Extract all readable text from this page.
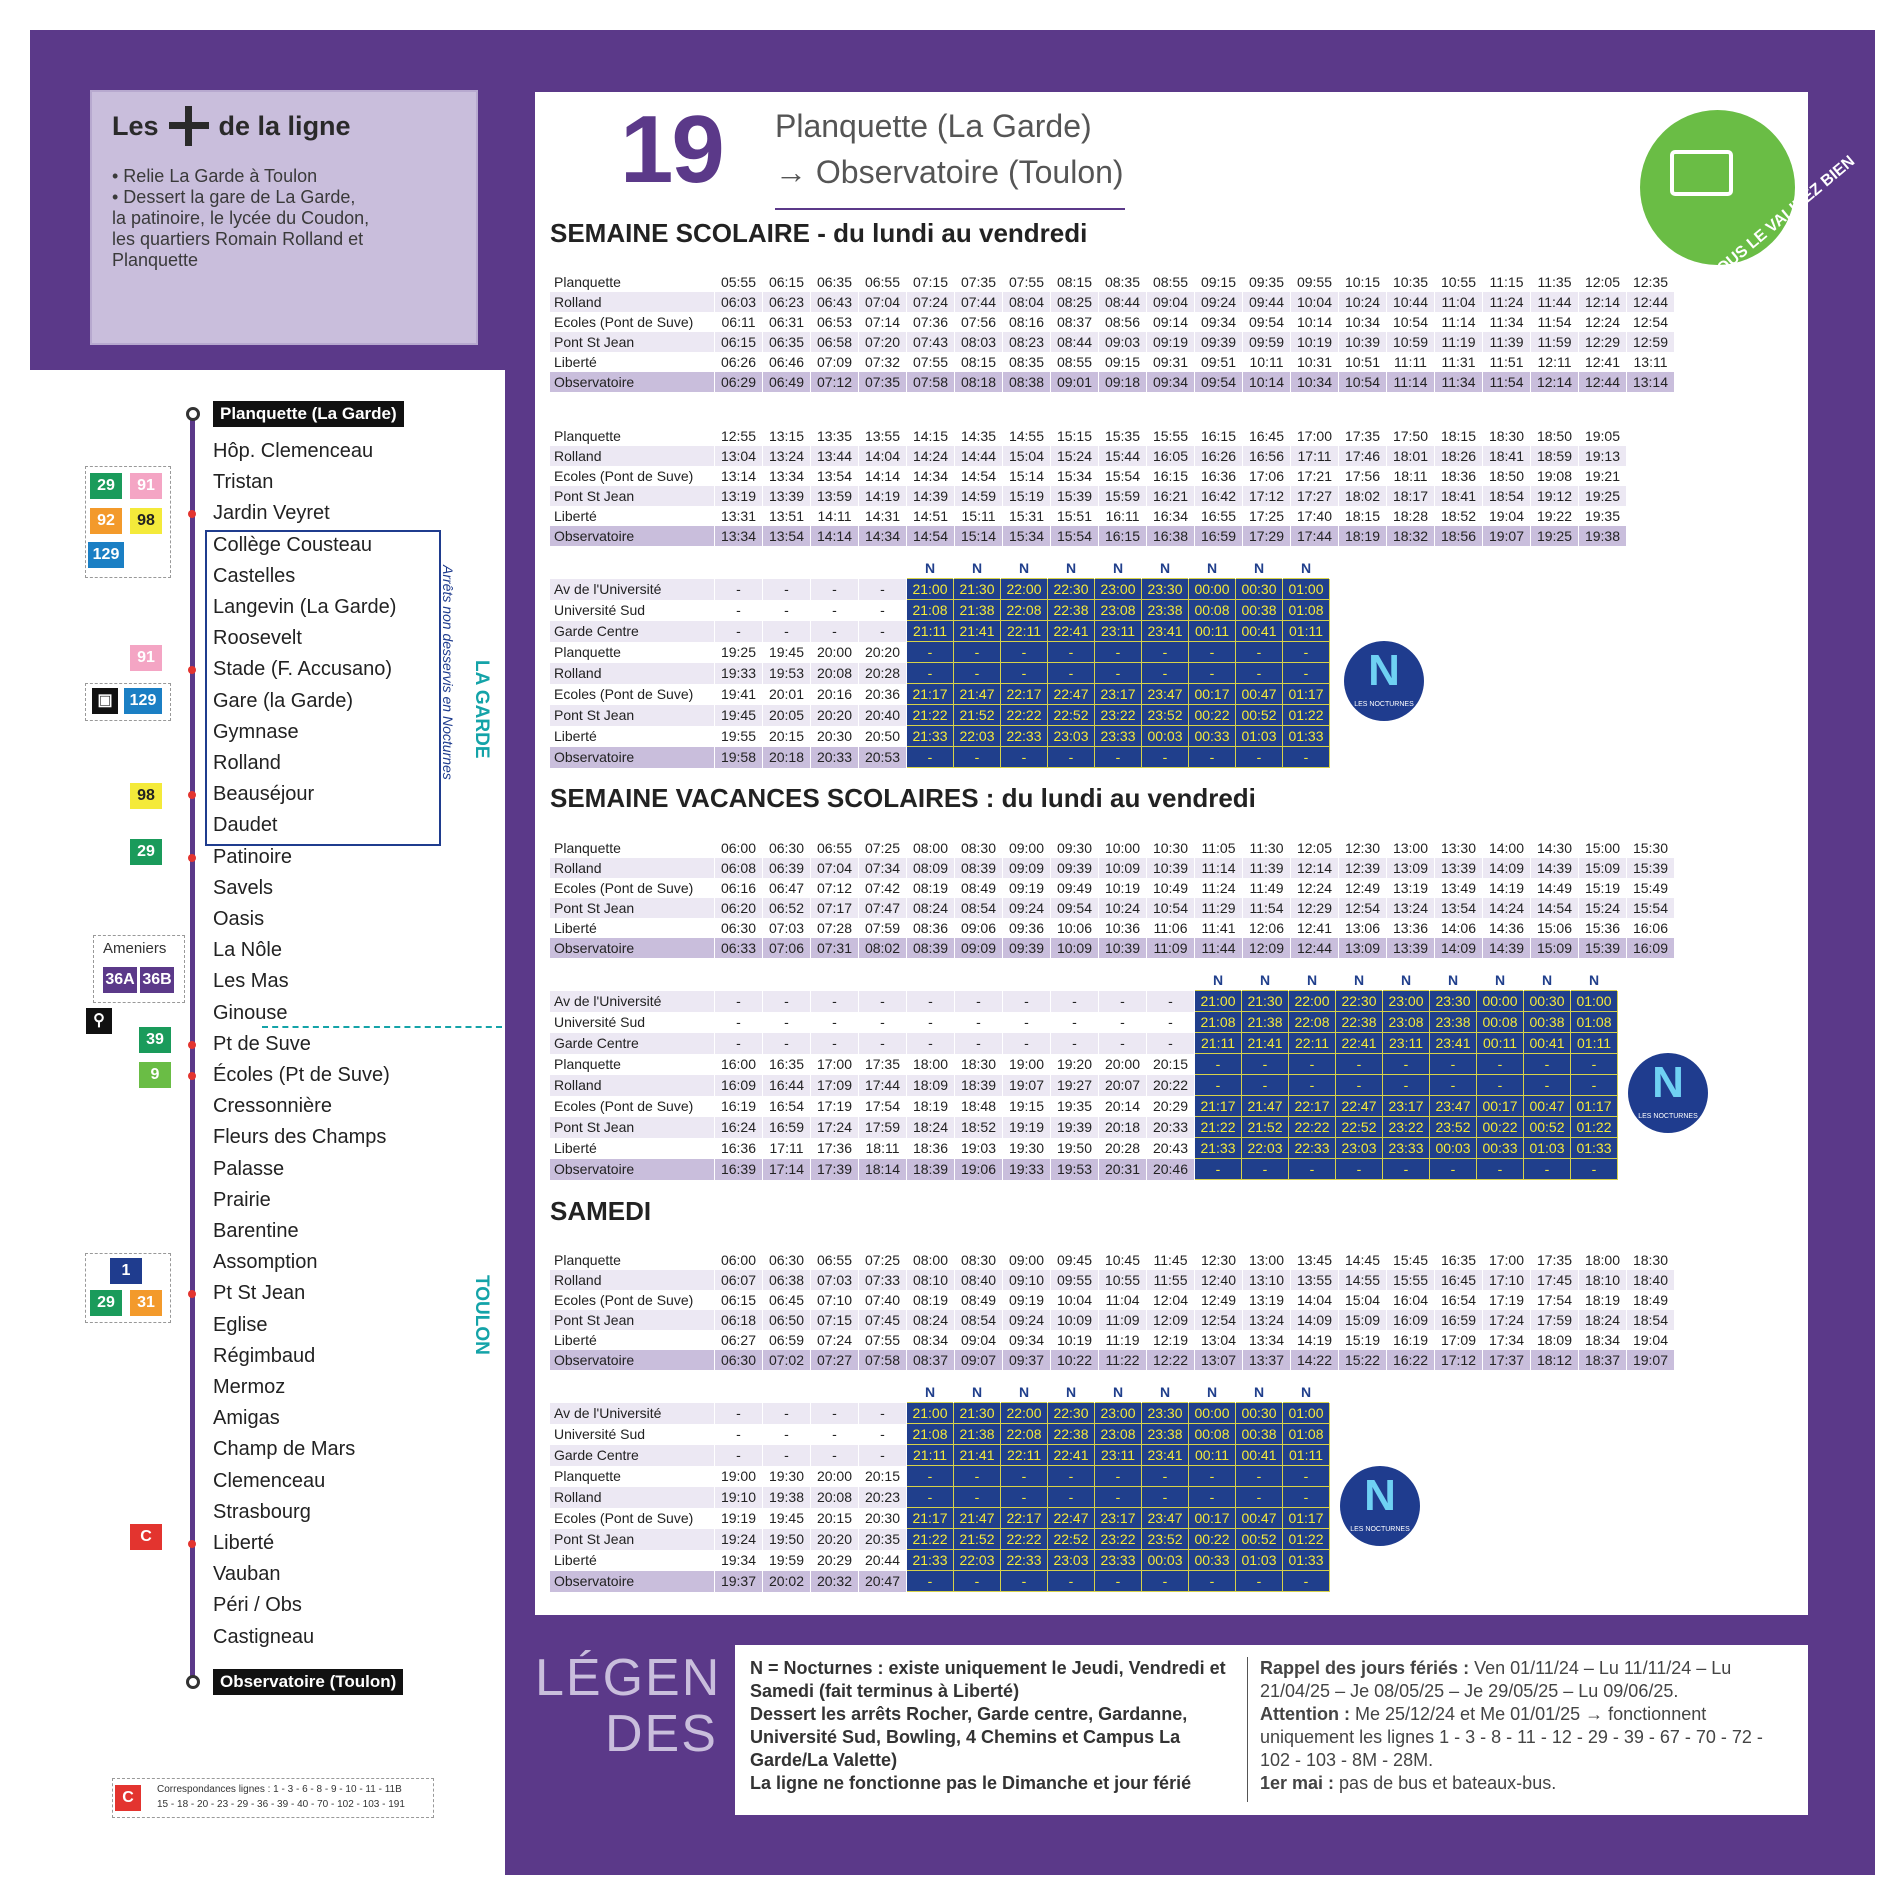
Les de la ligne
• Relie La Garde à Toulon
• Dessert la gare de La Garde,
la patinoire, le lycée du Coudon,
les quartiers Romain Rolland et
Planquette
19 Planquette (La Garde)
→ Observatoire (Toulon)	VOUS LE VALIDEZ BIEN
SEMAINE SCOLAIRE - du lundi au vendredi
SEMAINE VACANCES SCOLAIRES : du lundi au vendredi
SAMEDI
Planquette	05:55	06:15	06:35	06:55	07:15	07:35	07:55	08:15	08:35	08:55	09:15	09:35	09:55	10:15	10:35	10:55	11:15	11:35	12:05	12:35
Rolland	06:03	06:23	06:43	07:04	07:24	07:44	08:04	08:25	08:44	09:04	09:24	09:44	10:04	10:24	10:44	11:04	11:24	11:44	12:14	12:44
Ecoles (Pont de Suve)	06:11	06:31	06:53	07:14	07:36	07:56	08:16	08:37	08:56	09:14	09:34	09:54	10:14	10:34	10:54	11:14	11:34	11:54	12:24	12:54
Pont St Jean	06:15	06:35	06:58	07:20	07:43	08:03	08:23	08:44	09:03	09:19	09:39	09:59	10:19	10:39	10:59	11:19	11:39	11:59	12:29	12:59
Liberté	06:26	06:46	07:09	07:32	07:55	08:15	08:35	08:55	09:15	09:31	09:51	10:11	10:31	10:51	11:11	11:31	11:51	12:11	12:41	13:11
Observatoire	06:29	06:49	07:12	07:35	07:58	08:18	08:38	09:01	09:18	09:34	09:54	10:14	10:34	10:54	11:14	11:34	11:54	12:14	12:44	13:14
Planquette	12:55	13:15	13:35	13:55	14:15	14:35	14:55	15:15	15:35	15:55	16:15	16:45	17:00	17:35	17:50	18:15	18:30	18:50	19:05
Rolland	13:04	13:24	13:44	14:04	14:24	14:44	15:04	15:24	15:44	16:05	16:26	16:56	17:11	17:46	18:01	18:26	18:41	18:59	19:13
Ecoles (Pont de Suve)	13:14	13:34	13:54	14:14	14:34	14:54	15:14	15:34	15:54	16:15	16:36	17:06	17:21	17:56	18:11	18:36	18:50	19:08	19:21
Pont St Jean	13:19	13:39	13:59	14:19	14:39	14:59	15:19	15:39	15:59	16:21	16:42	17:12	17:27	18:02	18:17	18:41	18:54	19:12	19:25
Liberté	13:31	13:51	14:11	14:31	14:51	15:11	15:31	15:51	16:11	16:34	16:55	17:25	17:40	18:15	18:28	18:52	19:04	19:22	19:35
Observatoire	13:34	13:54	14:14	14:34	14:54	15:14	15:34	15:54	16:15	16:38	16:59	17:29	17:44	18:19	18:32	18:56	19:07	19:25	19:38
					N	N	N	N	N	N	N	N	N
Av de l'Université	-	-	-	-	21:00	21:30	22:00	22:30	23:00	23:30	00:00	00:30	01:00
Université Sud	-	-	-	-	21:08	21:38	22:08	22:38	23:08	23:38	00:08	00:38	01:08
Garde Centre	-	-	-	-	21:11	21:41	22:11	22:41	23:11	23:41	00:11	00:41	01:11
Planquette	19:25	19:45	20:00	20:20	-	-	-	-	-	-	-	-	-
Rolland	19:33	19:53	20:08	20:28	-	-	-	-	-	-	-	-	-
Ecoles (Pont de Suve)	19:41	20:01	20:16	20:36	21:17	21:47	22:17	22:47	23:17	23:47	00:17	00:47	01:17
Pont St Jean	19:45	20:05	20:20	20:40	21:22	21:52	22:22	22:52	23:22	23:52	00:22	00:52	01:22
Liberté	19:55	20:15	20:30	20:50	21:33	22:03	22:33	23:03	23:33	00:03	00:33	01:03	01:33
Observatoire	19:58	20:18	20:33	20:53	-	-	-	-	-	-	-	-	-
Planquette	06:00	06:30	06:55	07:25	08:00	08:30	09:00	09:30	10:00	10:30	11:05	11:30	12:05	12:30	13:00	13:30	14:00	14:30	15:00	15:30
Rolland	06:08	06:39	07:04	07:34	08:09	08:39	09:09	09:39	10:09	10:39	11:14	11:39	12:14	12:39	13:09	13:39	14:09	14:39	15:09	15:39
Ecoles (Pont de Suve)	06:16	06:47	07:12	07:42	08:19	08:49	09:19	09:49	10:19	10:49	11:24	11:49	12:24	12:49	13:19	13:49	14:19	14:49	15:19	15:49
Pont St Jean	06:20	06:52	07:17	07:47	08:24	08:54	09:24	09:54	10:24	10:54	11:29	11:54	12:29	12:54	13:24	13:54	14:24	14:54	15:24	15:54
Liberté	06:30	07:03	07:28	07:59	08:36	09:06	09:36	10:06	10:36	11:06	11:41	12:06	12:41	13:06	13:36	14:06	14:36	15:06	15:36	16:06
Observatoire	06:33	07:06	07:31	08:02	08:39	09:09	09:39	10:09	10:39	11:09	11:44	12:09	12:44	13:09	13:39	14:09	14:39	15:09	15:39	16:09
											N	N	N	N	N	N	N	N	N
Av de l'Université	-	-	-	-	-	-	-	-	-	-	21:00	21:30	22:00	22:30	23:00	23:30	00:00	00:30	01:00
Université Sud	-	-	-	-	-	-	-	-	-	-	21:08	21:38	22:08	22:38	23:08	23:38	00:08	00:38	01:08
Garde Centre	-	-	-	-	-	-	-	-	-	-	21:11	21:41	22:11	22:41	23:11	23:41	00:11	00:41	01:11
Planquette	16:00	16:35	17:00	17:35	18:00	18:30	19:00	19:20	20:00	20:15	-	-	-	-	-	-	-	-	-
Rolland	16:09	16:44	17:09	17:44	18:09	18:39	19:07	19:27	20:07	20:22	-	-	-	-	-	-	-	-	-
Ecoles (Pont de Suve)	16:19	16:54	17:19	17:54	18:19	18:48	19:15	19:35	20:14	20:29	21:17	21:47	22:17	22:47	23:17	23:47	00:17	00:47	01:17
Pont St Jean	16:24	16:59	17:24	17:59	18:24	18:52	19:19	19:39	20:18	20:33	21:22	21:52	22:22	22:52	23:22	23:52	00:22	00:52	01:22
Liberté	16:36	17:11	17:36	18:11	18:36	19:03	19:30	19:50	20:28	20:43	21:33	22:03	22:33	23:03	23:33	00:03	00:33	01:03	01:33
Observatoire	16:39	17:14	17:39	18:14	18:39	19:06	19:33	19:53	20:31	20:46	-	-	-	-	-	-	-	-	-
Planquette	06:00	06:30	06:55	07:25	08:00	08:30	09:00	09:45	10:45	11:45	12:30	13:00	13:45	14:45	15:45	16:35	17:00	17:35	18:00	18:30
Rolland	06:07	06:38	07:03	07:33	08:10	08:40	09:10	09:55	10:55	11:55	12:40	13:10	13:55	14:55	15:55	16:45	17:10	17:45	18:10	18:40
Ecoles (Pont de Suve)	06:15	06:45	07:10	07:40	08:19	08:49	09:19	10:04	11:04	12:04	12:49	13:19	14:04	15:04	16:04	16:54	17:19	17:54	18:19	18:49
Pont St Jean	06:18	06:50	07:15	07:45	08:24	08:54	09:24	10:09	11:09	12:09	12:54	13:24	14:09	15:09	16:09	16:59	17:24	17:59	18:24	18:54
Liberté	06:27	06:59	07:24	07:55	08:34	09:04	09:34	10:19	11:19	12:19	13:04	13:34	14:19	15:19	16:19	17:09	17:34	18:09	18:34	19:04
Observatoire	06:30	07:02	07:27	07:58	08:37	09:07	09:37	10:22	11:22	12:22	13:07	13:37	14:22	15:22	16:22	17:12	17:37	18:12	18:37	19:07
					N	N	N	N	N	N	N	N	N
Av de l'Université	-	-	-	-	21:00	21:30	22:00	22:30	23:00	23:30	00:00	00:30	01:00
Université Sud	-	-	-	-	21:08	21:38	22:08	22:38	23:08	23:38	00:08	00:38	01:08
Garde Centre	-	-	-	-	21:11	21:41	22:11	22:41	23:11	23:41	00:11	00:41	01:11
Planquette	19:00	19:30	20:00	20:15	-	-	-	-	-	-	-	-	-
Rolland	19:10	19:38	20:08	20:23	-	-	-	-	-	-	-	-	-
Ecoles (Pont de Suve)	19:19	19:45	20:15	20:30	21:17	21:47	22:17	22:47	23:17	23:47	00:17	00:47	01:17
Pont St Jean	19:24	19:50	20:20	20:35	21:22	21:52	22:22	22:52	23:22	23:52	00:22	00:52	01:22
Liberté	19:34	19:59	20:29	20:44	21:33	22:03	22:33	23:03	23:33	00:03	00:33	01:03	01:33
Observatoire	19:37	20:02	20:32	20:47	-	-	-	-	-	-	-	-	-
N
LES NOCTURNES
N
LES NOCTURNES
N
LES NOCTURNES
Planquette (La Garde)
Observatoire (Toulon)
Hôp. Clemenceau
Tristan
Jardin Veyret
Collège Cousteau
Castelles
Langevin (La Garde)
Roosevelt
Stade (F. Accusano)
Gare (la Garde)
Gymnase
Rolland
Beauséjour
Daudet
Patinoire
Savels
Oasis
La Nôle
Les Mas
Ginouse
Pt de Suve
Écoles (Pt de Suve)
Cressonnière
Fleurs des Champs
Palasse
Prairie
Barentine
Assomption
Pt St Jean
Eglise
Régimbaud
Mermoz
Amigas
Champ de Mars
Clemenceau
Strasbourg
Liberté
Vauban
Péri / Obs
Castigneau
Arrêts non desservis en Nocturnes LA GARDE
TOULON
29	91
92	98
129
91
▣	129
98
29
Ameniers
36A 36B
⚲
39
9
1
29	31
C
LÉGEN
DES
N = Nocturnes : existe uniquement le Jeudi, Vendredi et Samedi (fait terminus à Liberté)
Dessert les arrêts Rocher, Garde centre, Gardanne, Université Sud, Bowling, 4 Chemins et Campus La Garde/La Valette)
La ligne ne fonctionne pas le Dimanche et jour férié
Rappel des jours fériés : Ven 01/11/24 – Lu 11/11/24 – Lu 21/04/25 – Je 08/05/25 – Je 29/05/25 – Lu 09/06/25.
Attention : Me 25/12/24 et Me 01/01/25 → fonctionnent uniquement les lignes 1 - 3 - 8 - 11 - 12 - 29 - 39 - 67 - 70 - 72 - 102 - 103 - 8M - 28M.
1er mai : pas de bus et bateaux-bus.
C	Correspondances lignes : 1 - 3 - 6 - 8 - 9 - 10 - 11 - 11B
15 - 18 - 20 - 23 - 29 - 36 - 39 - 40 - 70 - 102 - 103 - 191
